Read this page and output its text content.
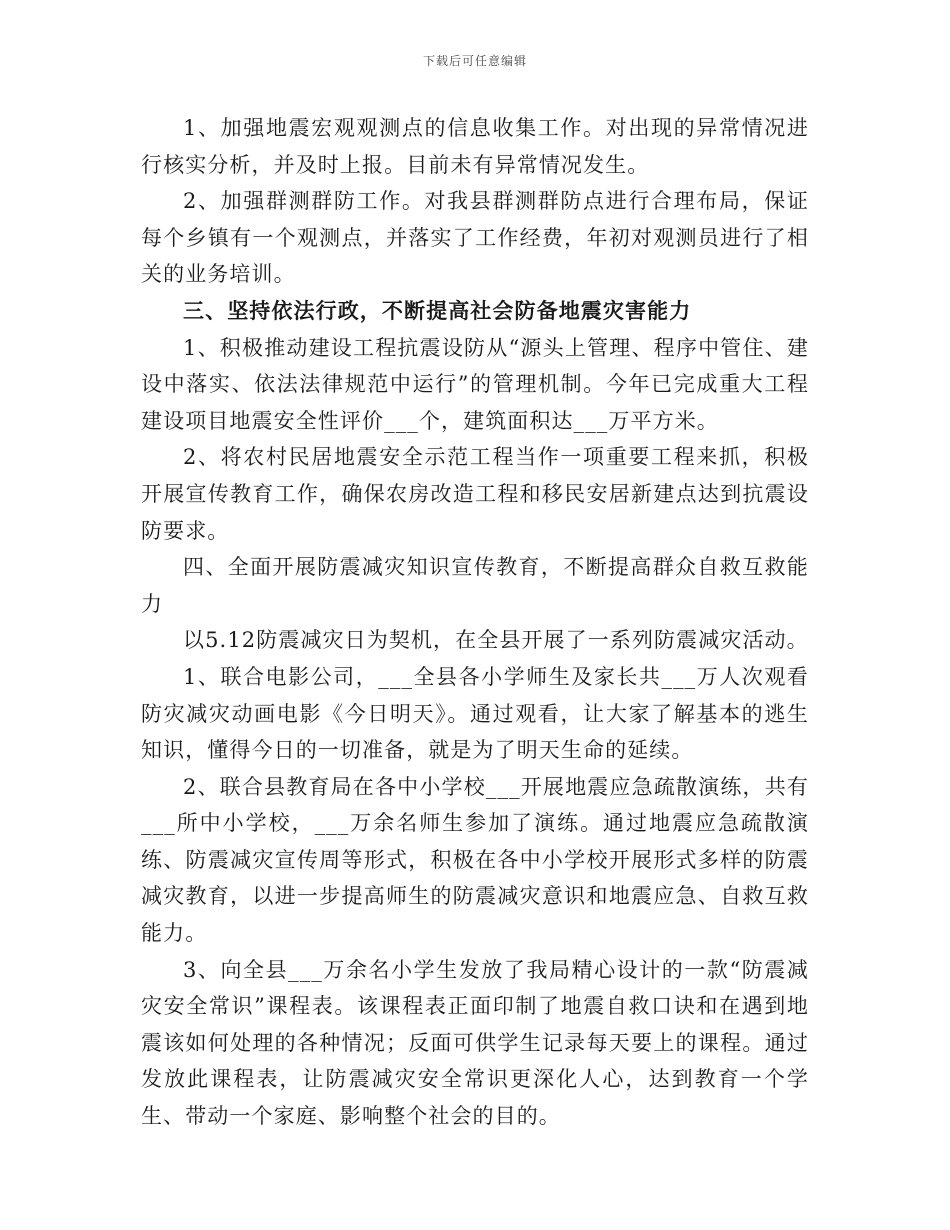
下载后可任意编辑

1、加强地震宏观观测点的信息收集工作。对出现的异常情况进行核实分析，并及时上报。目前未有异常情况发生。

2、加强群测群防工作。对我县群测群防点进行合理布局，保证每个乡镇有一个观测点，并落实了工作经费，年初对观测员进行了相关的业务培训。

三、坚持依法行政，不断提高社会防备地震灾害能力

1、积极推动建设工程抗震设防从“源头上管理、程序中管住、建设中落实、依法法律规范中运行”的管理机制。今年已完成重大工程建设项目地震安全性评价___个，建筑面积达___万平方米。

2、将农村民居地震安全示范工程当作一项重要工程来抓，积极开展宣传教育工作，确保农房改造工程和移民安居新建点达到抗震设防要求。

四、全面开展防震减灾知识宣传教育，不断提高群众自救互救能力

以5.12防震减灾日为契机，在全县开展了一系列防震减灾活动。

1、联合电影公司，___全县各小学师生及家长共___万人次观看防灾减灾动画电影《今日明天》。通过观看，让大家了解基本的逃生知识，懂得今日的一切准备，就是为了明天生命的延续。

2、联合县教育局在各中小学校___开展地震应急疏散演练，共有___所中小学校，___万余名师生参加了演练。通过地震应急疏散演练、防震减灾宣传周等形式，积极在各中小学校开展形式多样的防震减灾教育，以进一步提高师生的防震减灾意识和地震应急、自救互救能力。

3、向全县___万余名小学生发放了我局精心设计的一款“防震减灾安全常识”课程表。该课程表正面印制了地震自救口诀和在遇到地震该如何处理的各种情况；反面可供学生记录每天要上的课程。通过发放此课程表，让防震减灾安全常识更深化人心，达到教育一个学生、带动一个家庭、影响整个社会的目的。
